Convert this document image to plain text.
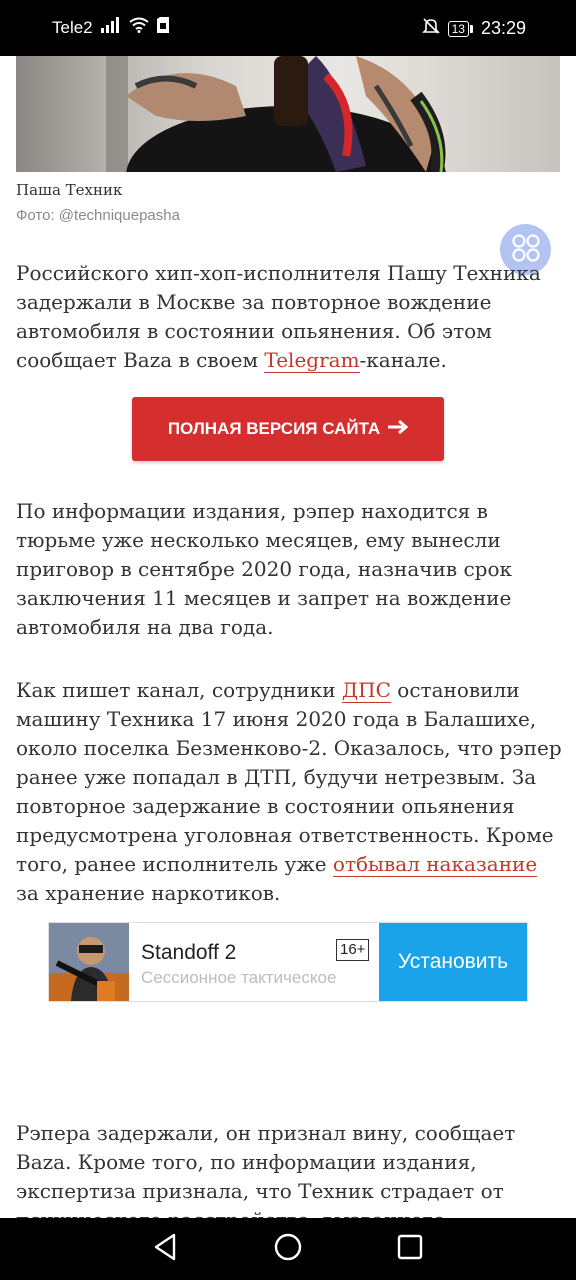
Tele2	13 23:29
Паша Техник
Фото: @techniquepasha

Российского хип-хоп-исполнителя Пашу Техника задержали в Москве за повторное вождение автомобиля в состоянии опьянения. Об этом сообщает Baza в своем Telegram-канале.

ПОЛНАЯ ВЕРСИЯ САЙТА

По информации издания, рэпер находится в тюрьме уже несколько месяцев, ему вынесли приговор в сентябре 2020 года, назначив срок заключения 11 месяцев и запрет на вождение автомобиля на два года.

Как пишет канал, сотрудники ДПС остановили машину Техника 17 июня 2020 года в Балашихе, около поселка Безменково-2. Оказалось, что рэпер ранее уже попадал в ДТП, будучи нетрезвым. За повторное задержание в состоянии опьянения предусмотрена уголовная ответственность. Кроме того, ранее исполнитель уже отбывал наказание за хранение наркотиков.

Standoff 2	16+
Сессионное тактическое
Установить

Рэпера задержали, он признал вину, сообщает Baza. Кроме того, по информации издания, экспертиза признала, что Техник страдает от
